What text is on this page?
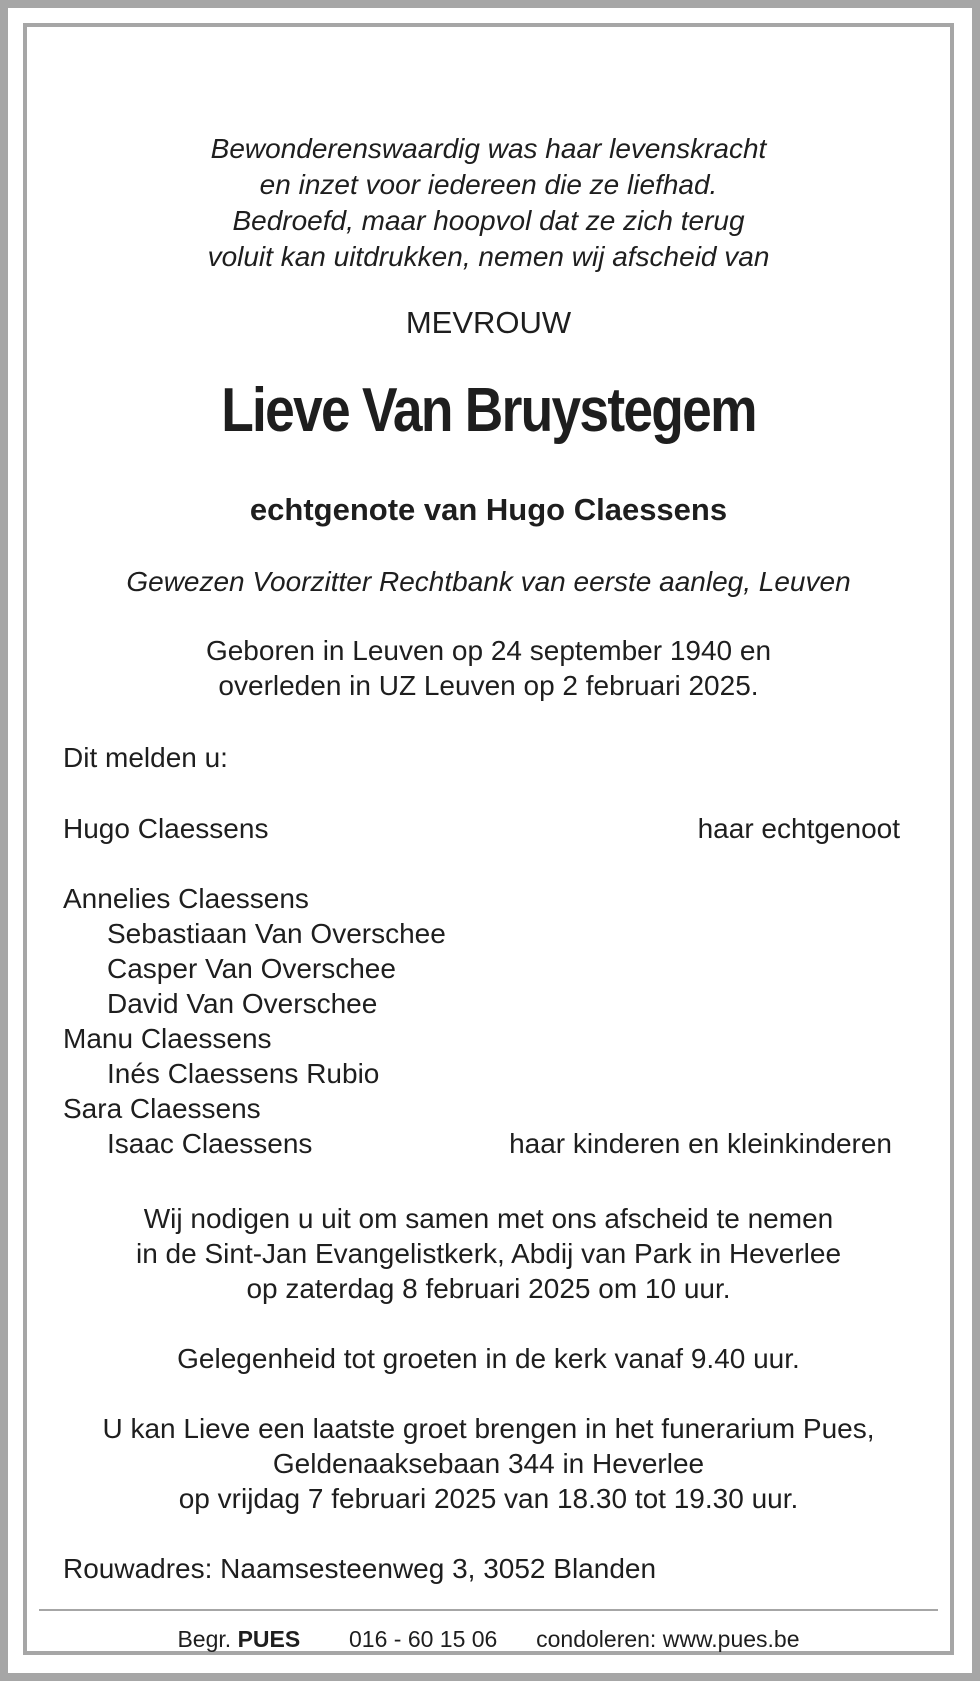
Bewonderenswaardig was haar levenskracht
en inzet voor iedereen die ze liefhad.
Bedroefd, maar hoopvol dat ze zich terug
voluit kan uitdrukken, nemen wij afscheid van
MEVROUW
Lieve Van Bruystegem
echtgenote van Hugo Claessens
Gewezen Voorzitter Rechtbank van eerste aanleg, Leuven
Geboren in Leuven op 24 september 1940 en
overleden in UZ Leuven op 2 februari 2025.
Dit melden u:
Hugo Claessens	haar echtgenoot
Annelies Claessens
Sebastiaan Van Overschee
Casper Van Overschee
David Van Overschee
Manu Claessens
Inés Claessens Rubio
Sara Claessens
Isaac Claessens	haar kinderen en kleinkinderen
Wij nodigen u uit om samen met ons afscheid te nemen
in de Sint-Jan Evangelistkerk, Abdij van Park in Heverlee
op zaterdag 8 februari 2025 om 10 uur.
Gelegenheid tot groeten in de kerk vanaf 9.40 uur.
U kan Lieve een laatste groet brengen in het funerarium Pues,
Geldenaaksebaan 344 in Heverlee
op vrijdag 7 februari 2025 van 18.30 tot 19.30 uur.
Rouwadres: Naamsesteenweg 3, 3052 Blanden
Begr. PUES 016 - 60 15 06 condoleren: www.pues.be
